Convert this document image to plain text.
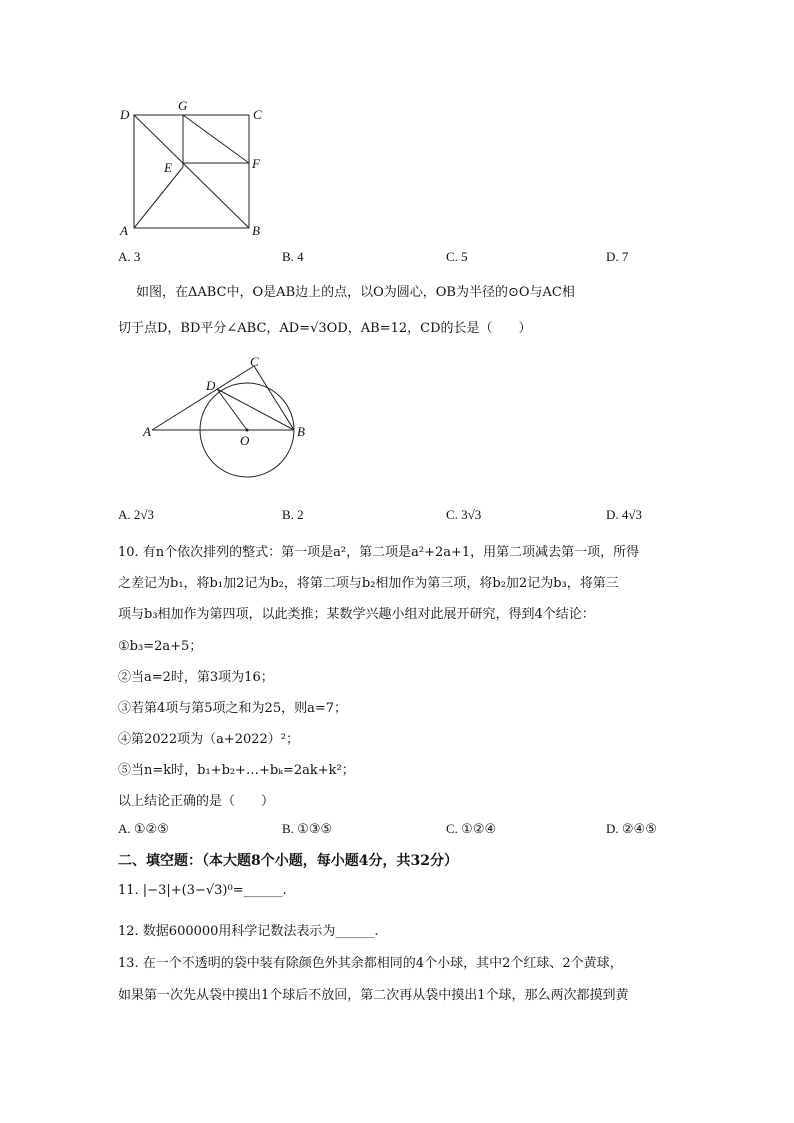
D
G
C
E	F
A	B
A. 3	B. 4	C. 5	D. 7
如图，在ΔABC中，O是AB边上的点，以O为圆心，OB为半径的⊙O与AC相
切于点D，BD平分∠ABC，AD=√3OD，AB=12，CD的长是（　　）
C
D
A
O
B
A. 2√3	B. 2	C. 3√3	D. 4√3
10. 有n个依次排列的整式：第一项是a²，第二项是a²+2a+1，用第二项减去第一项，所得
之差记为b₁，将b₁加2记为b₂，将第二项与b₂相加作为第三项，将b₂加2记为b₃，将第三
项与b₃相加作为第四项，以此类推；某数学兴趣小组对此展开研究，得到4个结论：
①b₃=2a+5；
②当a=2时，第3项为16；
③若第4项与第5项之和为25，则a=7；
④第2022项为（a+2022）²；
⑤当n=k时，b₁+b₂+…+bₖ=2ak+k²；
以上结论正确的是（　　）
A. ①②⑤	B. ①③⑤	C. ①②④	D. ②④⑤
二、填空题：（本大题8个小题，每小题4分，共32分）
11. |−3|+(3−√3)⁰=______.
12. 数据600000用科学记数法表示为______.
13. 在一个不透明的袋中装有除颜色外其余都相同的4个小球，其中2个红球、2个黄球，
如果第一次先从袋中摸出1个球后不放回，第二次再从袋中摸出1个球，那么两次都摸到黄
